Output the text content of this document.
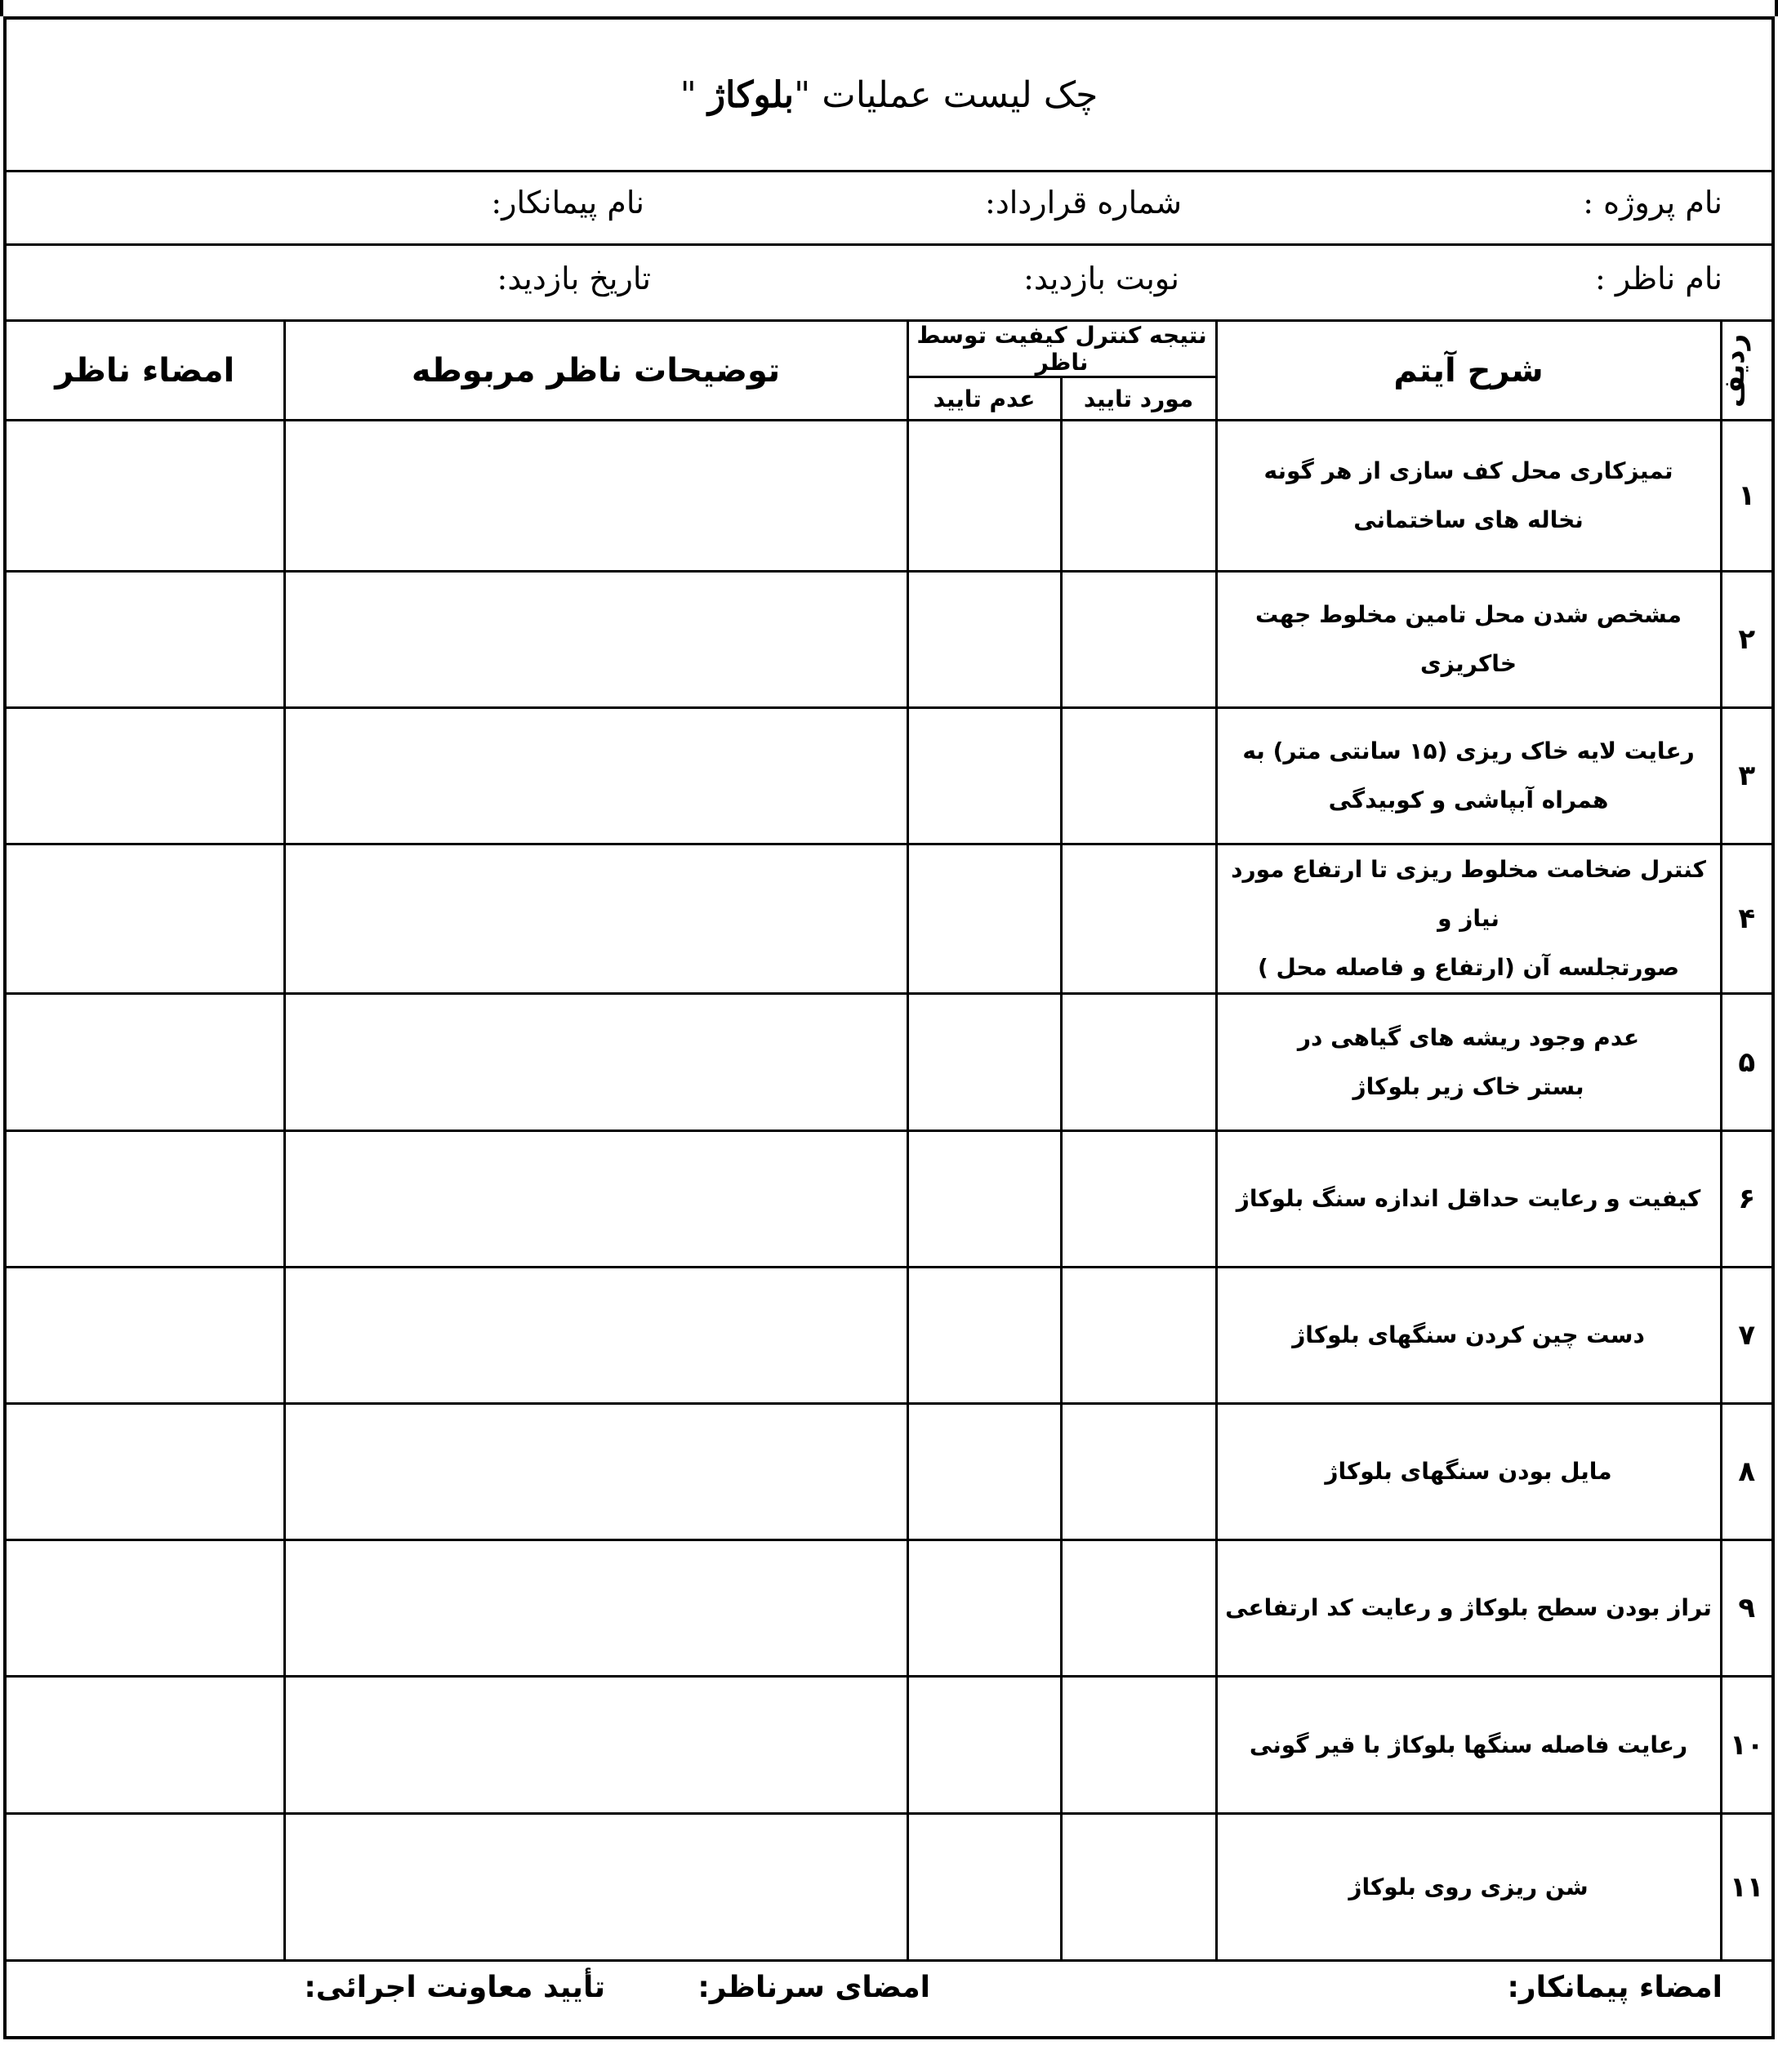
چک لیست عملیات

"
بلوکاژ

"
نام پروژه :
شماره قرارداد:
نام پیمانکار:
نام ناظر :
نوبت بازدید:
تاریخ بازدید:
ردیف	شرح آیتم	نتیجه کنترل کیفیت توسط ناظر		توضیحات ناظر مربوطه	امضاء ناظر
		مورد تایید	عدم تایید		
۱	تمیزکاری محل کف سازی از هر گونه
نخاله های ساختمانی				

۲	مشخص شدن محل تامین مخلوط جهت خاکریزی				

۳	رعایت لایه خاک ریزی (۱۵ سانتی متر) به
همراه آبپاشی و کوبیدگی				

۴	کنترل ضخامت مخلوط ریزی تا ارتفاع مورد نیاز و
صورتجلسه آن (ارتفاع و فاصله محل )				

۵	عدم وجود ریشه های گیاهی در
بستر خاک زیر بلوکاژ				

۶	کیفیت و رعایت حداقل اندازه سنگ بلوکاژ				

۷	دست چین کردن سنگهای بلوکاژ				

۸	مایل بودن سنگهای بلوکاژ				

۹	تراز بودن سطح بلوکاژ و رعایت کد ارتفاعی				

۱۰	رعایت فاصله سنگها بلوکاژ با قیر گونی				

۱۱	شن ریزی روی بلوکاژ				

امضاء پیمانکار:
امضای سرناظر:
تأیید معاونت اجرائی:
